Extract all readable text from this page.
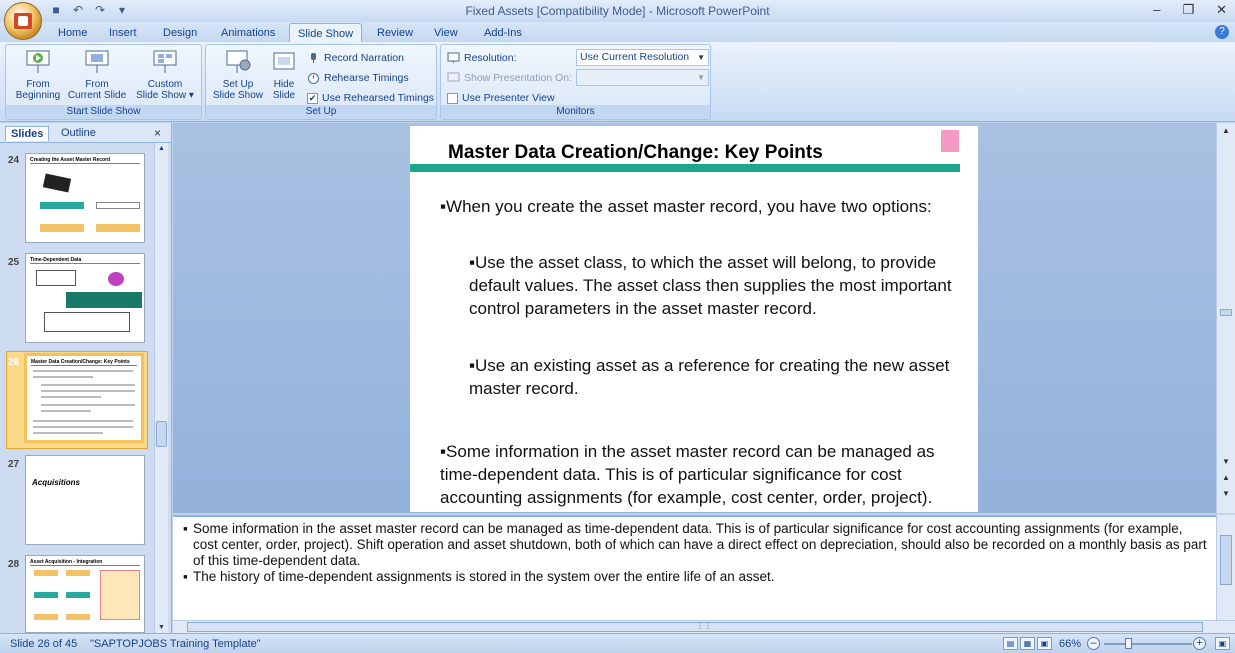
■	↶ ↷	▾	Fixed Assets [Compatibility Mode] - Microsoft PowerPoint	– ❐ ✕
Home	Insert	Design	Animations	Slide Show	Review	View	Add-Ins	?
From
Beginning
From
Current Slide
Custom
Slide Show ▾
Start Slide Show
Set Up
Slide Show
Hide
Slide
Record Narration
Rehearse Timings
✔ Use Rehearsed Timings
Set Up
Resolution:	Use Current Resolution ▼
Show Presentation On:	▼
Use Presenter View
Monitors
Slides	Outline	×
24 Creating the Asset Master Record
25 Time-Dependent Data
26 Master Data Creation/Change: Key Points
27
Acquisitions
28 Asset Acquisition - Integration
▲
▼
Master Data Creation/Change: Key Points
▪When you create the asset master record, you have two options:
▪Use the asset class, to which the asset will belong, to provide default values. The asset class then supplies the most important control parameters in the asset master record.
▪Use an existing asset as a reference for creating the new asset master record.
▪Some information in the asset master record can be managed as time-dependent data. This is of particular significance for cost accounting assignments (for example, cost center, order, project).
▲
▼
▲
▼
▪ Some information in the asset master record can be managed as time-dependent data. This is of particular significance for cost accounting assignments (for example, cost center, order, project). Shift operation and asset shutdown, both of which can have a direct effect on depreciation, should also be recorded on a monthly basis as part of this time-dependent data.
▪ The history of time-dependent assignments is stored in the system over the entire life of an asset.
⋮⋮
Slide 26 of 45 "SAPTOPJOBS Training Template"	▤	▦	▣ 66% –	+	▣
